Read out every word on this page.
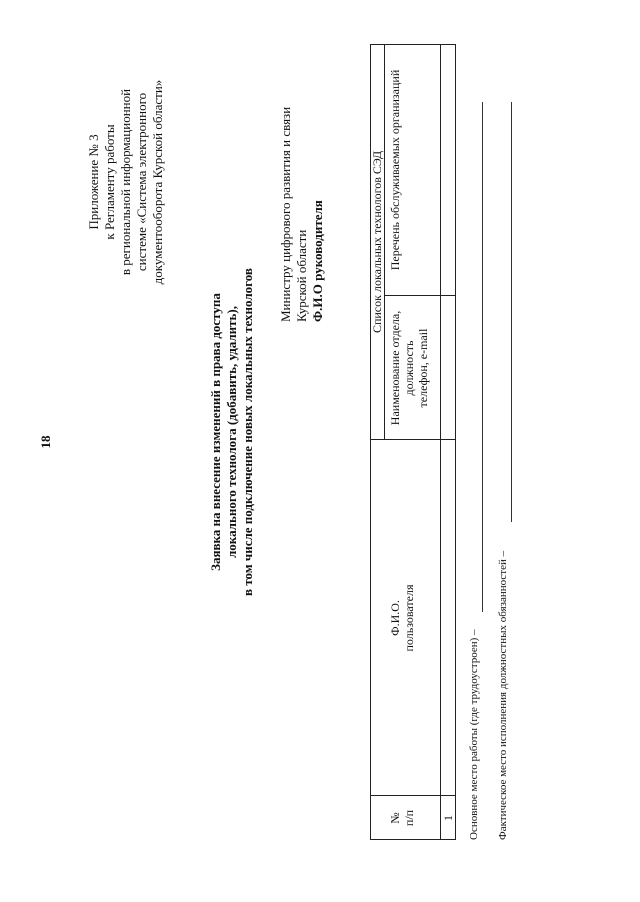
18
Приложение № 3 к Регламенту работы в региональной информационной системе «Система электронного документооборота Курской области»
Заявка на внесение изменений в права доступа локального технолога (добавить, удалить), в том числе подключение новых локальных технологов
Министру цифрового развития и связи Курской области Ф.И.О руководителя	Список локальных технологов СЭД
№ п/п
Ф.И.О. пользователя
Наименование отдела, должность телефон, e-mail
Перечень обслуживаемых организаций
1 Основное место работы (где трудоустроен) – Фактическое место исполнения должностных обязанностей –
